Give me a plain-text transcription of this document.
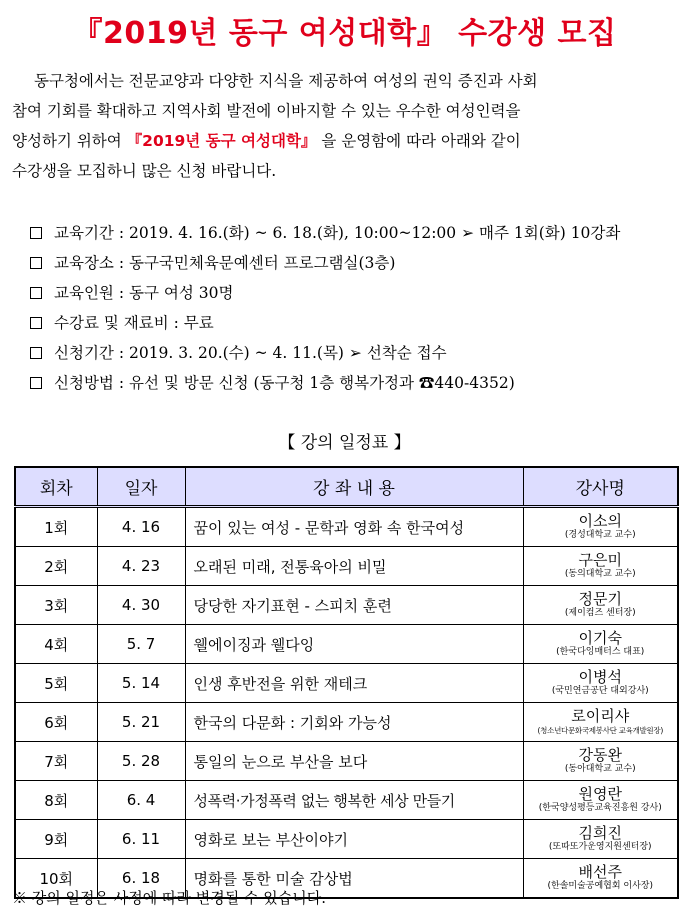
『2019년 동구 여성대학』 수강생 모집
동구청에서는 전문교양과 다양한 지식을 제공하여 여성의 권익 증진과 사회
참여 기회를 확대하고 지역사회 발전에 이바지할 수 있는 우수한 여성인력을
양성하기 위하여 『2019년 동구 여성대학』 을 운영함에 따라 아래와 같이
수강생을 모집하니 많은 신청 바랍니다.
교육기간 : 2019. 4. 16.(화) ~ 6. 18.(화), 10:00~12:00 ➢ 매주 1회(화) 10강좌
교육장소 : 동구국민체육문예센터 프로그램실(3층)
교육인원 : 동구 여성 30명
수강료 및 재료비 : 무료
신청기간 : 2019. 3. 20.(수) ~ 4. 11.(목) ➢ 선착순 접수
신청방법 : 유선 및 방문 신청 (동구청 1층 행복가정과 ☎440-4352)
【 강의 일정표 】
회차	일자	강 좌 내 용	강사명
1회	4. 16	꿈이 있는 여성 - 문학과 영화 속 한국여성	이소의
(경성대학교 교수)

2회	4. 23	오래된 미래, 전통육아의 비밀	구은미
(동의대학교 교수)

3회	4. 30	당당한 자기표현 - 스피치 훈련	정문기
(제이컴즈 센터장)

4회	5. 7	웰에이징과 웰다잉	이기숙
(한국다잉매터스 대표)

5회	5. 14	인생 후반전을 위한 재테크	이병석
(국민연금공단 대외강사)

6회	5. 21	한국의 다문화 : 기회와 가능성	로이리샤
(청소년다문화국제봉사단 교육개발원장)

7회	5. 28	통일의 눈으로 부산을 보다	강동완
(동아대학교 교수)

8회	6. 4	성폭력·가정폭력 없는 행복한 세상 만들기	원영란
(한국양성평등교육진흥원 강사)

9회	6. 11	영화로 보는 부산이야기	김희진
(또따또가운영지원센터장)

10회	6. 18	명화를 통한 미술 감상법	배선주
(한솔미술공예협회 이사장)
※ 강의 일정은 사정에 따라 변경될 수 있습니다.
